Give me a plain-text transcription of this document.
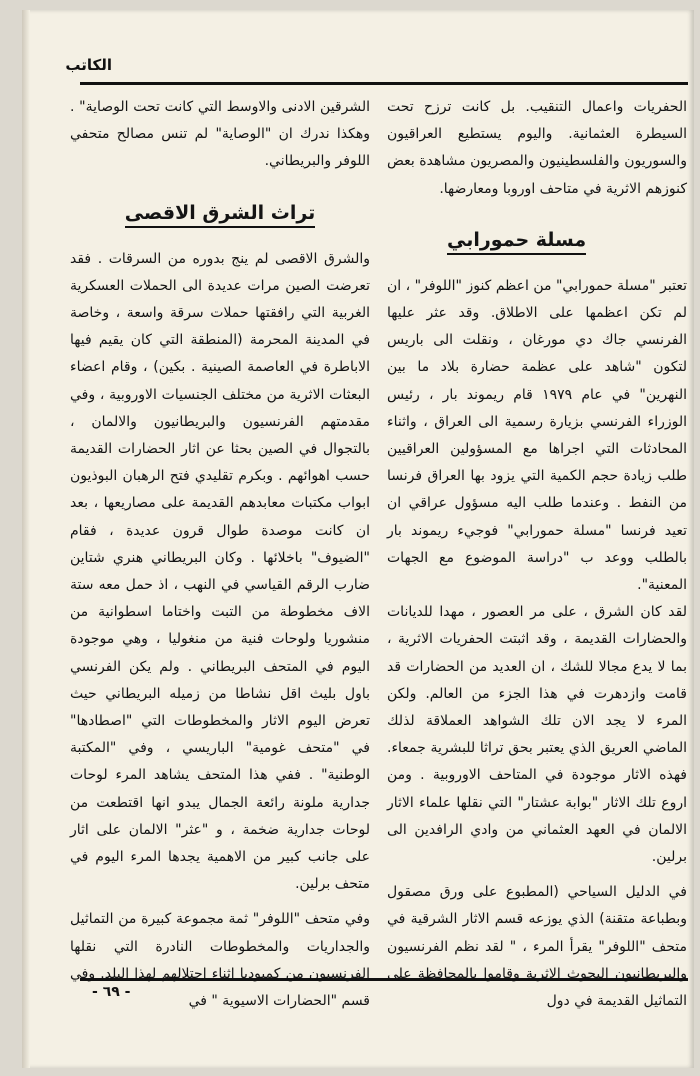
الكاتب

الحفريات واعمال التنقيب. بل كانت ترزح تحت السيطرة العثمانية. واليوم يستطيع العراقيون والسوريون والفلسطينيون والمصريون مشاهدة بعض كنوزهم الاثرية في متاحف اوروبا ومعارضها.

مسلة حمورابي

تعتبر "مسلة حمورابي" من اعظم كنوز "اللوفر" ، ان لم تكن اعظمها على الاطلاق. وقد عثر عليها الفرنسي جاك دي مورغان ، ونقلت الى باريس لتكون "شاهد على عظمة حضارة بلاد ما بين النهرين" في عام ١٩٧٩ قام ريموند بار ، رئيس الوزراء الفرنسي بزيارة رسمية الى العراق ، واثناء المحادثات التي اجراها مع المسؤولين العراقيين طلب زيادة حجم الكمية التي يزود بها العراق فرنسا من النفط . وعندما طلب اليه مسؤول عراقي ان تعيد فرنسا "مسلة حمورابي" فوجيء ريموند بار بالطلب ووعد ب "دراسة الموضوع مع الجهات المعنية".

لقد كان الشرق ، على مر العصور ، مهدا للديانات والحضارات القديمة ، وقد اثبتت الحفريات الاثرية ، بما لا يدع مجالا للشك ، ان العديد من الحضارات قد قامت وازدهرت في هذا الجزء من العالم. ولكن المرء لا يجد الان تلك الشواهد العملاقة لذلك الماضي العريق الذي يعتبر بحق تراثا للبشرية جمعاء. فهذه الاثار موجودة في المتاحف الاوروبية . ومن اروع تلك الاثار "بوابة عشتار" التي نقلها علماء الاثار الالمان في العهد العثماني من وادي الرافدين الى برلين.

في الدليل السياحي (المطبوع على ورق مصقول وبطباعة متقنة) الذي يوزعه قسم الاثار الشرقية في متحف "اللوفر" يقرأ المرء ، " لقد نظم الفرنسيون والبريطانيون البحوث الاثرية وقاموا بالمحافظة على التماثيل القديمة في دول

الشرقين الادنى والاوسط التي كانت تحت الوصاية" . وهكذا ندرك ان "الوصاية" لم تنس مصالح متحفي اللوفر والبريطاني.

تراث الشرق الاقصى

والشرق الاقصى لم ينج بدوره من السرقات . فقد تعرضت الصين مرات عديدة الى الحملات العسكرية الغربية التي رافقتها حملات سرقة واسعة ، وخاصة في المدينة المحرمة (المنطقة التي كان يقيم فيها الاباطرة في العاصمة الصينية . بكين) ، وقام اعضاء البعثات الاثرية من مختلف الجنسيات الاوروبية ، وفي مقدمتهم الفرنسيون والبريطانيون والالمان ، بالتجوال في الصين بحثا عن اثار الحضارات القديمة حسب اهوائهم . وبكرم تقليدي فتح الرهبان البوذيون ابواب مكتبات معابدهم القديمة على مصاريعها ، بعد ان كانت موصدة طوال قرون عديدة ، فقام "الضيوف" باخلائها . وكان البريطاني هنري شتاين ضارب الرقم القياسي في النهب ، اذ حمل معه ستة الاف مخطوطة من التبت واختاما اسطوانية من منشوريا ولوحات فنية من منغوليا ، وهي موجودة اليوم في المتحف البريطاني . ولم يكن الفرنسي باول بليث اقل نشاطا من زميله البريطاني حيث تعرض اليوم الاثار والمخطوطات التي "اصطادها" في "متحف غومية" الباريسي ، وفي "المكتبة الوطنية" . ففي هذا المتحف يشاهد المرء لوحات جدارية ملونة رائعة الجمال يبدو انها اقتطعت من لوحات جدارية ضخمة ، و "عثر" الالمان على اثار على جانب كبير من الاهمية يجدها المرء اليوم في متحف برلين.

وفي متحف "اللوفر" ثمة مجموعة كبيرة من التماثيل والجداريات والمخطوطات النادرة التي نقلها الفرنسيون من كمبوديا اثناء احتلالهم لهذا البلد. وفي قسم "الحضارات الاسيوية " في

- ٦٩ -
